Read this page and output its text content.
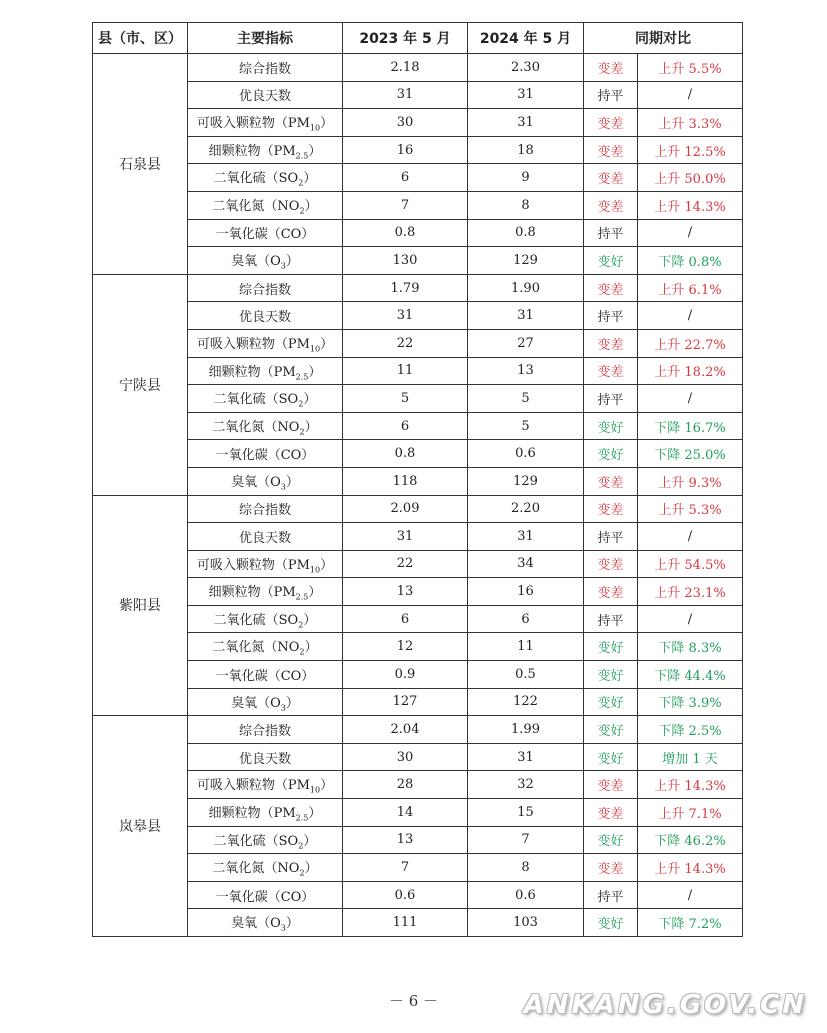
县（市、区）	主要指标	2023 年 5 月	2024 年 5 月	同期对比	
石泉县	综合指数	2.18	2.30	变差	上升 5.5%
	优良天数	31	31	持平	/
	可吸入颗粒物$(PM_{10})$	30	31	变差	上升 3.3%
	细颗粒物$(PM_{2.5})$	16	18	变差	上升 12.5%
	二氧化硫$(SO_2)$	6	9	变差	上升 50.0%
	二氧化氮$(NO_2)$	7	8	变差	上升 14.3%
	一氧化碳（CO）	0.8	0.8	持平	/
	臭氧$(O_3)$	130	129	变好	下降 0.8%
宁陕县	综合指数	1.79	1.90	变差	上升 6.1%
	优良天数	31	31	持平	/
	可吸入颗粒物$(PM_{10})$	22	27	变差	上升 22.7%
	细颗粒物$(PM_{2.5})$	11	13	变差	上升 18.2%
	二氧化硫$(SO_2)$	5	5	持平	/
	二氧化氮$(NO_2)$	6	5	变好	下降 16.7%
	一氧化碳（CO）	0.8	0.6	变好	下降 25.0%
	臭氧$(O_3)$	118	129	变差	上升 9.3%
紫阳县	综合指数	2.09	2.20	变差	上升 5.3%
	优良天数	31	31	持平	/
	可吸入颗粒物$(PM_{10})$	22	34	变差	上升 54.5%
	细颗粒物$(PM_{2.5})$	13	16	变差	上升 23.1%
	二氧化硫$(SO_2)$	6	6	持平	/
	二氧化氮$(NO_2)$	12	11	变好	下降 8.3%
	一氧化碳（CO）	0.9	0.5	变好	下降 44.4%
	臭氧$(O_3)$	127	122	变好	下降 3.9%
岚皋县	综合指数	2.04	1.99	变好	下降 2.5%
	优良天数	30	31	变好	增加 1 天
	可吸入颗粒物$(PM_{10})$	28	32	变差	上升 14.3%
	细颗粒物$(PM_{2.5})$	14	15	变差	上升 7.1%
	二氧化硫$(SO_2)$	13	7	变好	下降 46.2%
	二氧化氮$(NO_2)$	7	8	变差	上升 14.3%
	一氧化碳（CO）	0.6	0.6	持平	/
	臭氧$(O_3)$	111	103	变好	下降 7.2%
－ 6 －	ANKANG.GOV.CN
